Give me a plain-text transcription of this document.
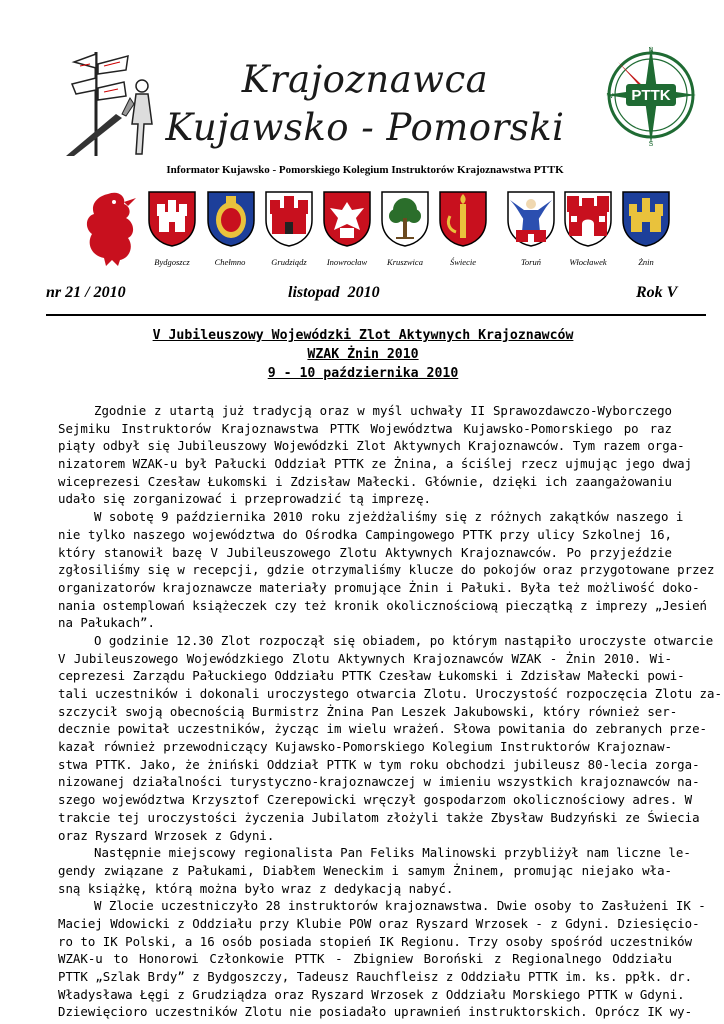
Krajoznawca
Kujawsko - Pomorski
PTTK
N
S
W
Informator Kujawsko - Pomorskiego Kolegium Instruktorów Krajoznawstwa PTTK
Bydgoszcz	Chełmno	Grudziądz	Inowrocław	Kruszwica	Świecie	Toruń	Włocławek	Żnin
nr 21 / 2010	listopad  2010	Rok V
V Jubileuszowy Wojewódzki Zlot Aktywnych Krajoznawców
WZAK Żnin 2010
9 - 10 października 2010
Zgodnie z utartą już tradycją oraz w myśl uchwały II Sprawozdawczo-Wyborczego
Sejmiku Instruktorów Krajoznawstwa PTTK Województwa Kujawsko-Pomorskiego po raz
piąty odbył się Jubileuszowy Wojewódzki Zlot Aktywnych Krajoznawców. Tym razem orga-
nizatorem WZAK-u był Pałucki Oddział PTTK ze Żnina, a ściślej rzecz ujmując jego dwaj
wiceprezesi Czesław Łukomski i Zdzisław Małecki. Głównie, dzięki ich zaangażowaniu
udało się zorganizować i przeprowadzić tą imprezę.
W sobotę 9 października 2010 roku zjeżdżaliśmy się z różnych zakątków naszego i
nie tylko naszego województwa do Ośrodka Campingowego PTTK przy ulicy Szkolnej 16,
który stanowił bazę V Jubileuszowego Zlotu Aktywnych Krajoznawców. Po przyjeździe
zgłosiliśmy się w recepcji, gdzie otrzymaliśmy klucze do pokojów oraz przygotowane przez
organizatorów krajoznawcze materiały promujące Żnin i Pałuki. Była też możliwość doko-
nania ostemplowań książeczek czy też kronik okolicznościową pieczątką z imprezy „Jesień
na Pałukach”.
O godzinie 12.30 Zlot rozpoczął się obiadem, po którym nastąpiło uroczyste otwarcie
V Jubileuszowego Wojewódzkiego Zlotu Aktywnych Krajoznawców WZAK - Żnin 2010. Wi-
ceprezesi Zarządu Pałuckiego Oddziału PTTK Czesław Łukomski i Zdzisław Małecki powi-
tali uczestników i dokonali uroczystego otwarcia Zlotu. Uroczystość rozpoczęcia Zlotu za-
szczycił swoją obecnością Burmistrz Żnina Pan Leszek Jakubowski, który również ser-
decznie powitał uczestników, życząc im wielu wrażeń. Słowa powitania do zebranych prze-
kazał również przewodniczący Kujawsko-Pomorskiego Kolegium Instruktorów Krajoznaw-
stwa PTTK. Jako, że żniński Oddział PTTK w tym roku obchodzi jubileusz 80-lecia zorga-
nizowanej działalności turystyczno-krajoznawczej w imieniu wszystkich krajoznawców na-
szego województwa Krzysztof Czerepowicki wręczył gospodarzom okolicznościowy adres. W
trakcie tej uroczystości życzenia Jubilatom złożyli także Zbysław Budzyński ze Świecia
oraz Ryszard Wrzosek z Gdyni.
Następnie miejscowy regionalista Pan Feliks Malinowski przybliżył nam liczne le-
gendy związane z Pałukami, Diabłem Weneckim i samym Żninem, promując niejako wła-
sną książkę, którą można było wraz z dedykacją nabyć.
W Zlocie uczestniczyło 28 instruktorów krajoznawstwa. Dwie osoby to Zasłużeni IK -
Maciej Wdowicki z Oddziału przy Klubie POW oraz Ryszard Wrzosek - z Gdyni. Dziesięcio-
ro to IK Polski, a 16 osób posiada stopień IK Regionu. Trzy osoby spośród uczestników
WZAK-u to Honorowi Członkowie PTTK - Zbigniew Boroński z Regionalnego Oddziału
PTTK „Szlak Brdy” z Bydgoszczy, Tadeusz Rauchfleisz z Oddziału PTTK im. ks. ppłk. dr.
Władysława Łęgi z Grudziądza oraz Ryszard Wrzosek z Oddziału Morskiego PTTK w Gdyni.
Dziewięcioro uczestników Zlotu nie posiadało uprawnień instruktorskich. Oprócz IK wy-
